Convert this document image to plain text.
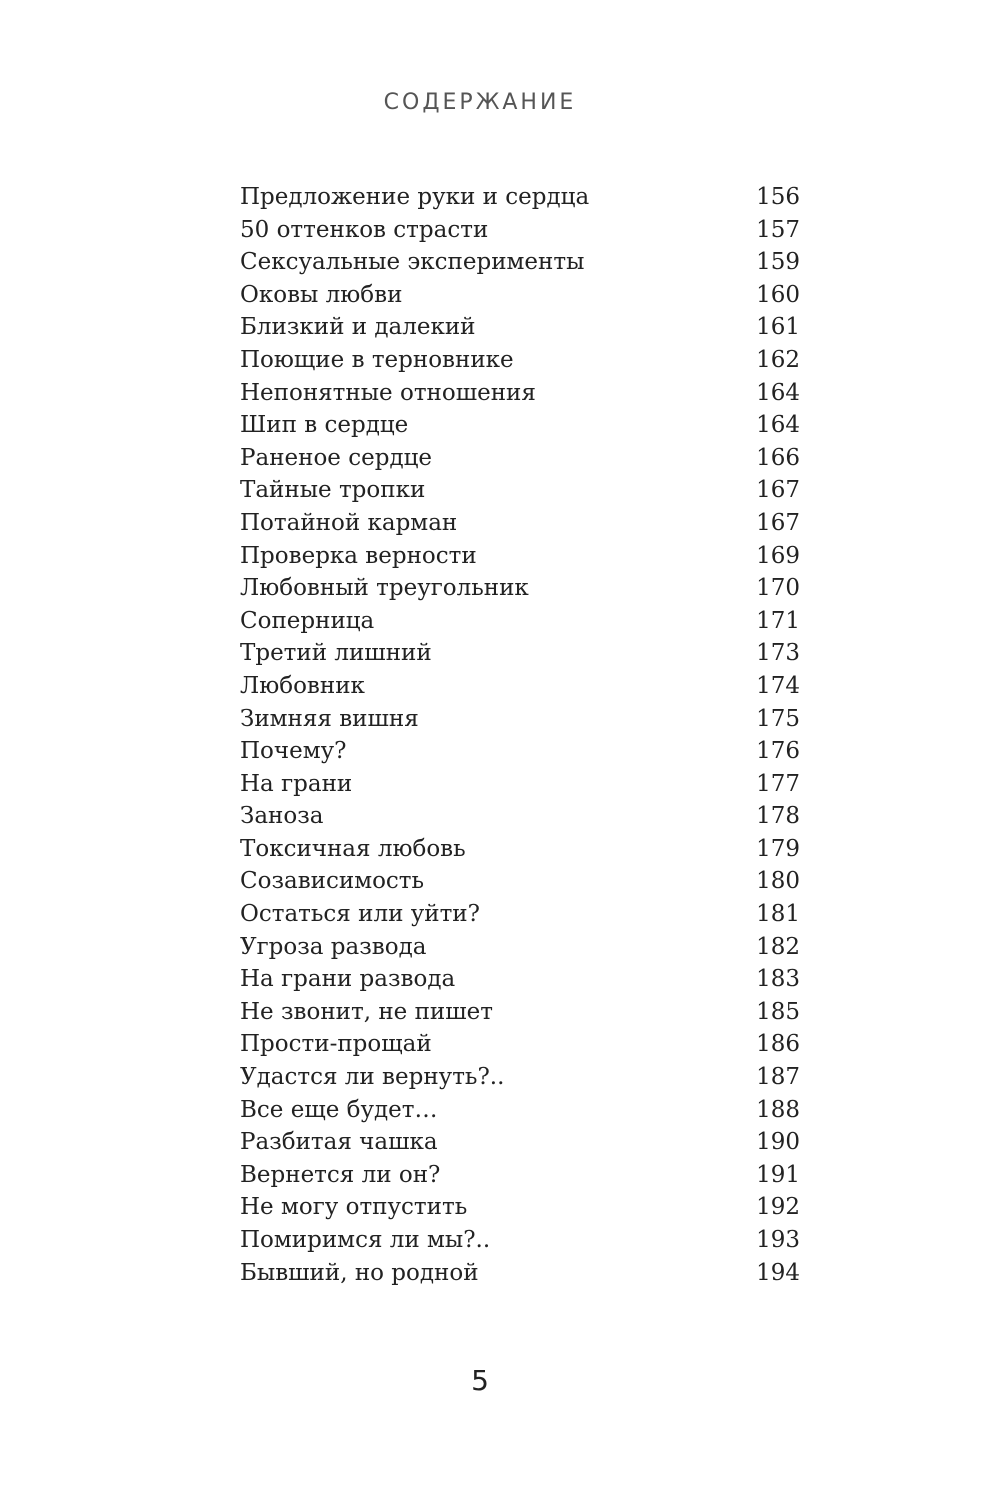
СОДЕРЖАНИЕ
Предложение руки и сердца	156
50 оттенков страсти	157
Сексуальные эксперименты	159
Оковы любви	160
Близкий и далекий	161
Поющие в терновнике	162
Непонятные отношения	164
Шип в сердце	164
Раненое сердце	166
Тайные тропки	167
Потайной карман	167
Проверка верности	169
Любовный треугольник	170
Соперница	171
Третий лишний	173
Любовник	174
Зимняя вишня	175
Почему?	176
На грани	177
Заноза	178
Токсичная любовь	179
Созависимость	180
Остаться или уйти?	181
Угроза развода	182
На грани развода	183
Не звонит, не пишет	185
Прости-прощай	186
Удастся ли вернуть?..	187
Все еще будет…	188
Разбитая чашка	190
Вернется ли он?	191
Не могу отпустить	192
Помиримся ли мы?..	193
Бывший, но родной	194
5
